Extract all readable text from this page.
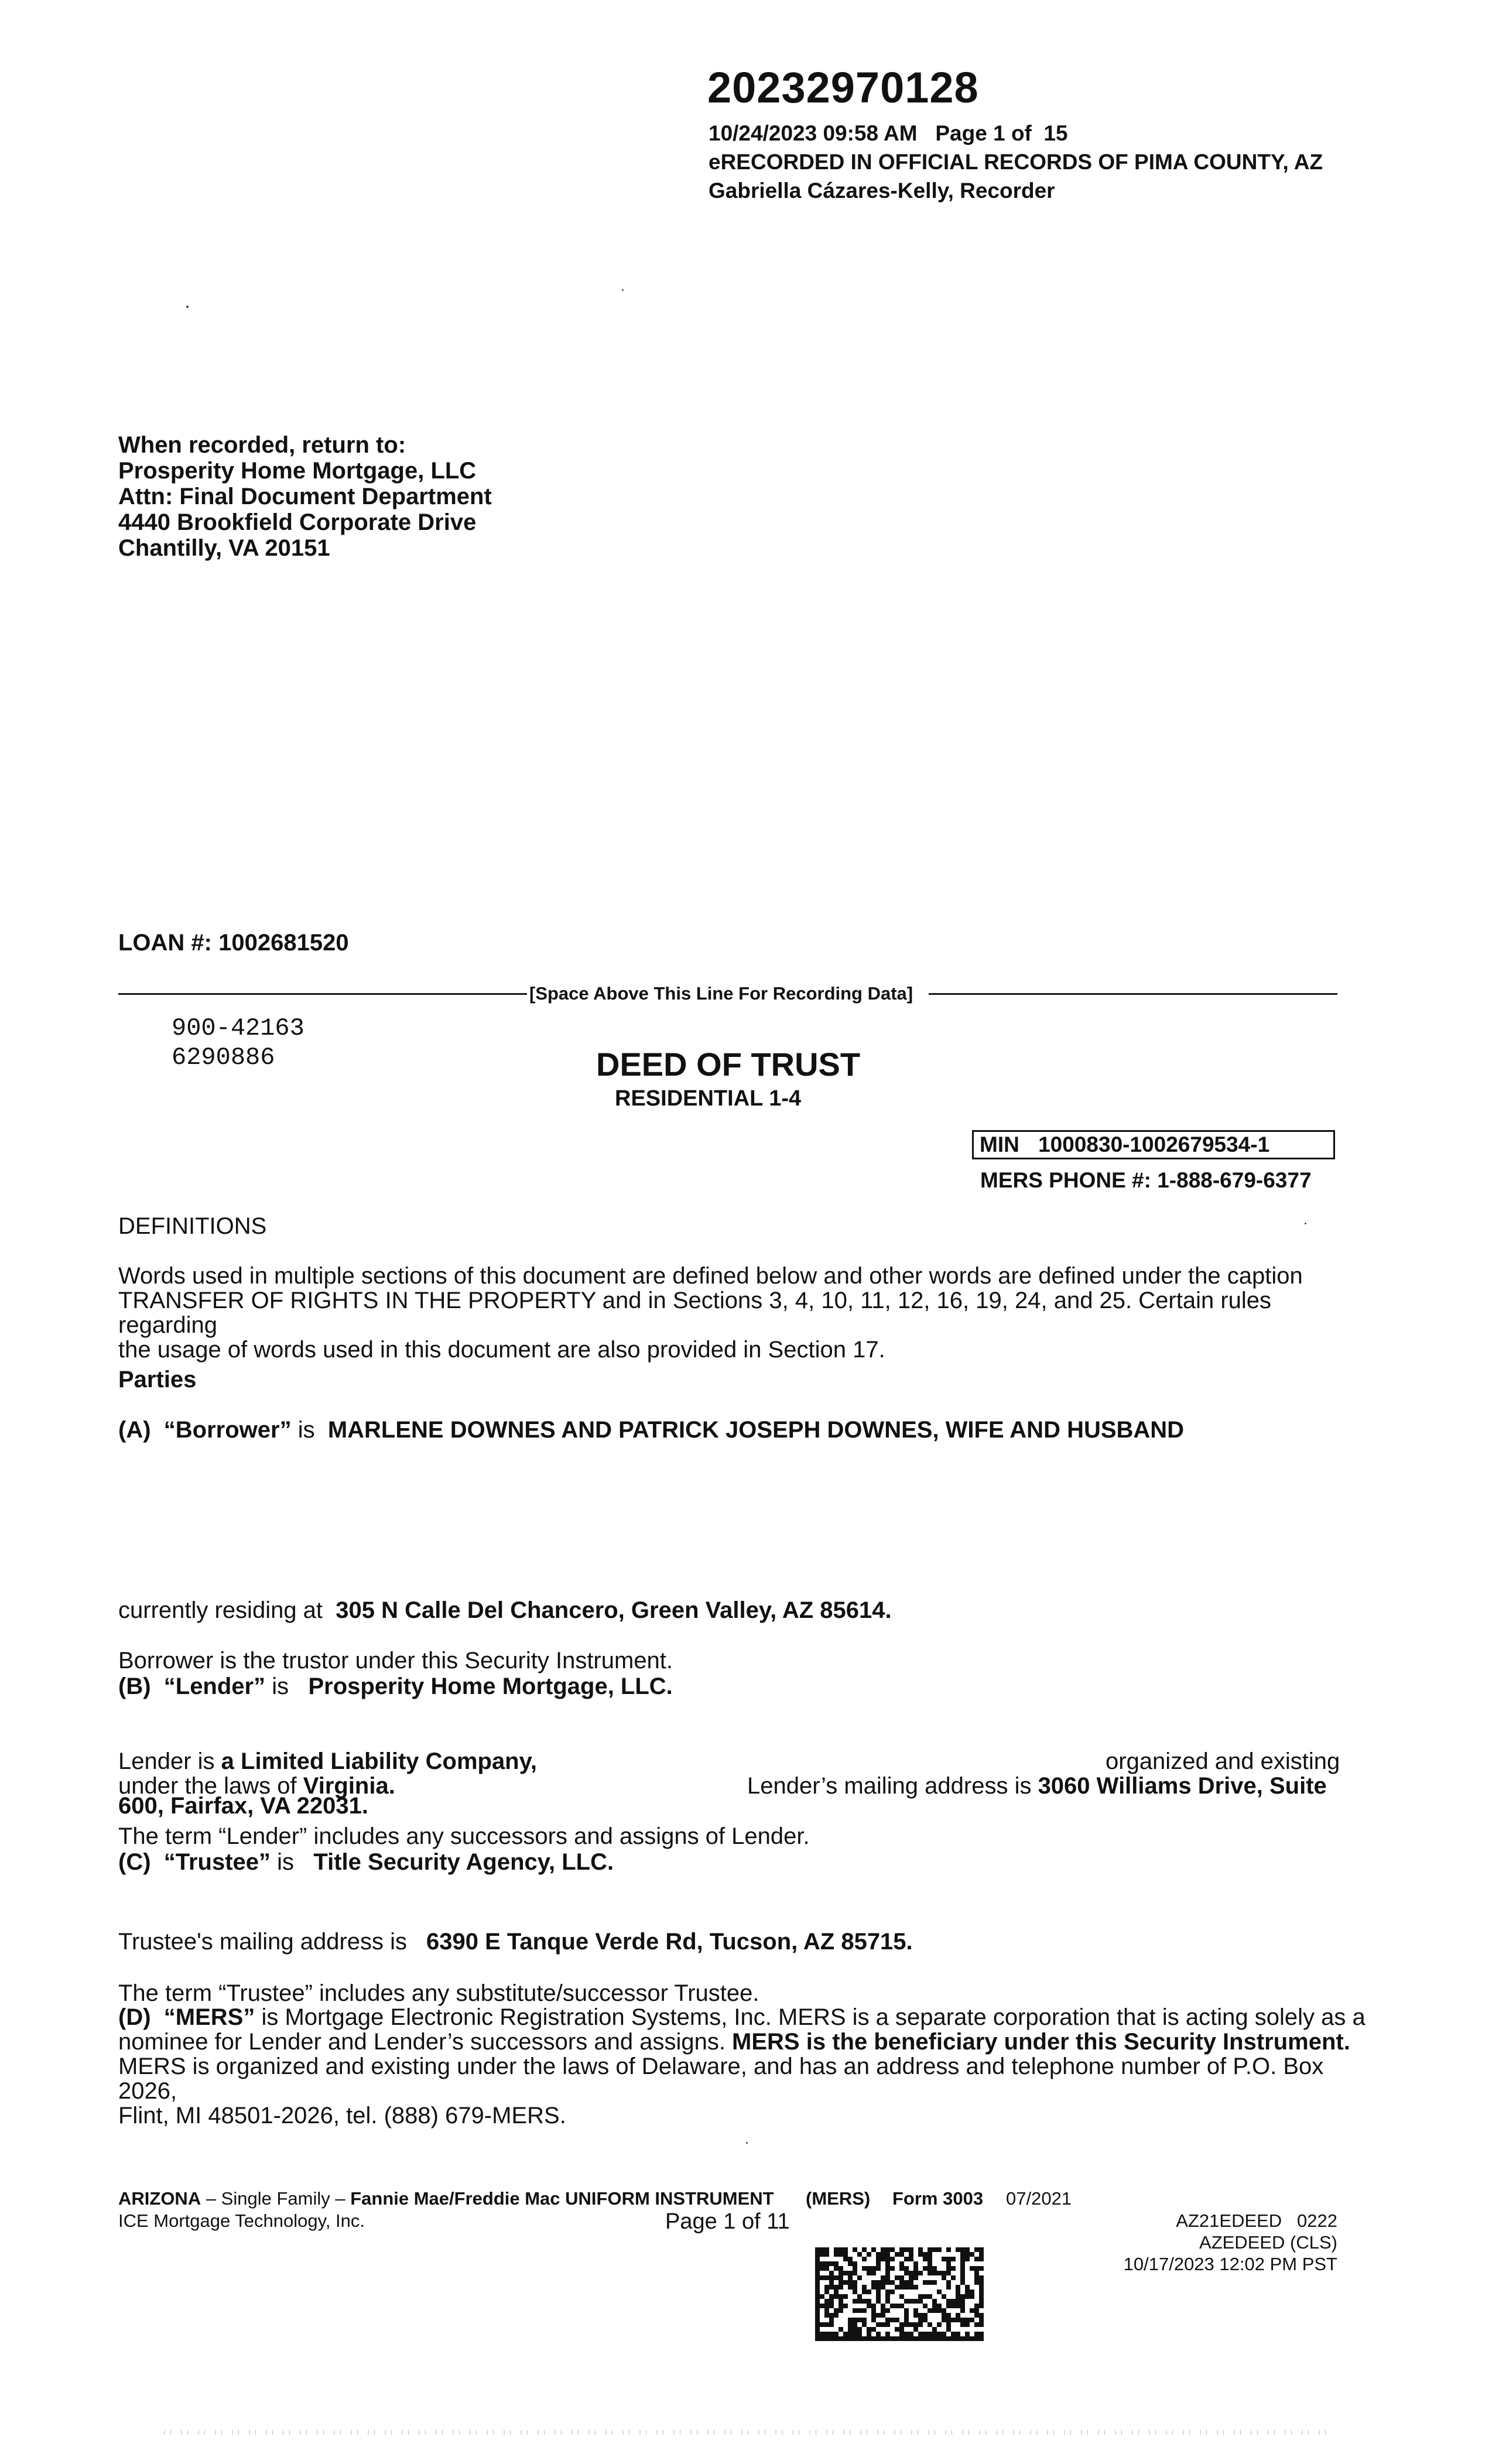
20232970128
10/24/2023 09:58 AM   Page 1 of  15
eRECORDED IN OFFICIAL RECORDS OF PIMA COUNTY, AZ
Gabriella Cázares-Kelly, Recorder

When recorded, return to:

Prosperity Home Mortgage, LLC

Attn: Final Document Department

4440 Brookfield Corporate Drive

Chantilly, VA 20151

LOAN #: 1002681520
[Space Above This Line For Recording Data]
900-42163
6290886	DEED OF TRUST
RESIDENTIAL 1-4
MIN 1000830-1002679534-1
MERS PHONE #: 1-888-679-6377
DEFINITIONS

Words used in multiple sections of this document are defined below and other words are defined under the caption

TRANSFER OF RIGHTS IN THE PROPERTY and in Sections 3, 4, 10, 11, 12, 16, 19, 24, and 25. Certain rules regarding

the usage of words used in this document are also provided in Section 17.

Parties
(A)  “Borrower” is  MARLENE DOWNES AND PATRICK JOSEPH DOWNES, WIFE AND HUSBAND
currently residing at  305 N Calle Del Chancero, Green Valley, AZ 85614.
Borrower is the trustor under this Security Instrument.
(B)  “Lender” is   Prosperity Home Mortgage, LLC.
Lender is a Limited Liability Company,	organized and existing
under the laws of Virginia.	Lender’s mailing address is 3060 Williams Drive, Suite
600, Fairfax, VA 22031.
The term “Lender” includes any successors and assigns of Lender.
(C)  “Trustee” is   Title Security Agency, LLC.
Trustee's mailing address is 6390 E Tanque Verde Rd, Tucson, AZ 85715.
The term “Trustee” includes any substitute/successor Trustee.

(D)  “MERS” is Mortgage Electronic Registration Systems, Inc. MERS is a separate corporation that is acting solely as a

nominee for Lender and Lender’s successors and assigns. MERS is the beneficiary under this Security Instrument.

MERS is organized and existing under the laws of Delaware, and has an address and telephone number of P.O. Box 2026,

Flint, MI 48501-2026, tel. (888) 679-MERS.

ARIZONA – Single Family – Fannie Mae/Freddie Mac UNIFORM INSTRUMENT (MERS) Form 3003 07/2021
ICE Mortgage Technology, Inc.	Page 1 of 11	AZ21EDEED   0222

AZEDEED (CLS)

10/17/2023 12:02 PM PST
